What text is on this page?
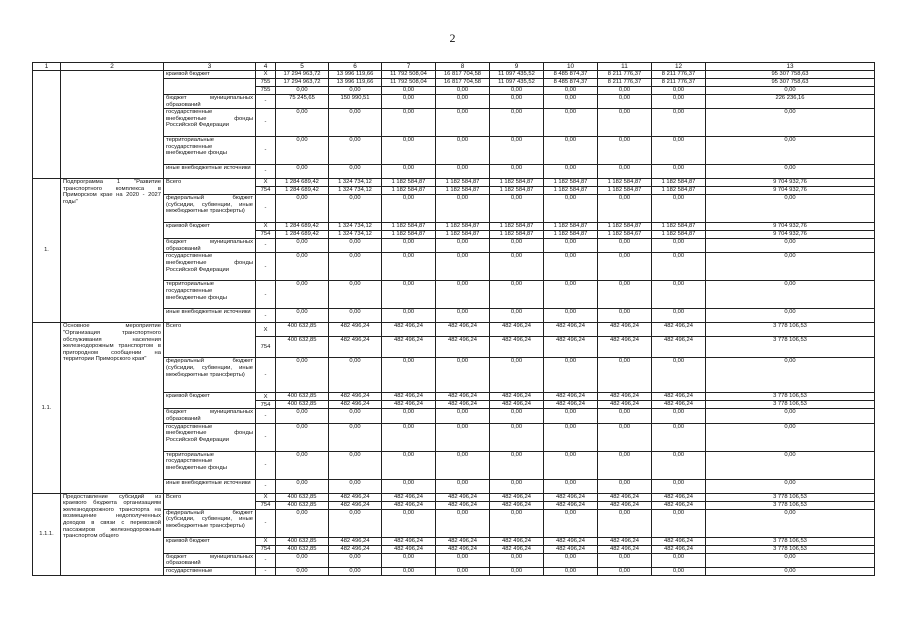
2
1	2	3	4	5	6	7	8	9	10	11	12	13
		краевой бюджет	X	17 294 963,72	13 996 119,66	11 792 508,04	16 817 704,58	11 097 435,52	8 485 874,37	8 211 776,37	8 211 776,37	95 307 758,63
			755	17 294 963,72	13 996 119,66	11 792 508,04	16 817 704,58	11 097 435,52	8 485 874,37	8 211 776,37	8 211 776,37	95 307 758,63
			755	0,00	0,00	0,00	0,00	0,00	0,00	0,00	0,00	0,00
		бюджет муниципальных образований	-	75 245,65	150 990,51	0,00	0,00	0,00	0,00	0,00	0,00	226 236,16
		государственные внебюджетные фонды Российской Федерации	-	0,00	0,00	0,00	0,00	0,00	0,00	0,00	0,00	0,00
		территориальные государственные внебюджетные фонды	-	0,00	0,00	0,00	0,00	0,00	0,00	0,00	0,00	0,00
		иные внебюджетные источники	-	0,00	0,00	0,00	0,00	0,00	0,00	0,00	0,00	0,00
1.	Подпрограмма 1 "Развитие транспортного комплекса в Приморском крае на 2020 - 2027 годы"	Всего	X	1 284 689,42	1 324 734,12	1 182 584,87	1 182 584,87	1 182 584,87	1 182 584,87	1 182 584,87	1 182 584,87	9 704 932,76
			754	1 284 689,42	1 324 734,12	1 182 584,87	1 182 584,87	1 182 584,87	1 182 584,87	1 182 584,87	1 182 584,87	9 704 932,76
		федеральный бюджет (субсидии, субвенции, иные межбюджетные трансферты)	-	0,00	0,00	0,00	0,00	0,00	0,00	0,00	0,00	0,00
		краевой бюджет	X	1 284 689,42	1 324 734,12	1 182 584,87	1 182 584,87	1 182 584,87	1 182 584,87	1 182 584,87	1 182 584,87	9 704 932,76
			754	1 284 689,42	1 324 734,12	1 182 584,87	1 182 584,87	1 182 584,87	1 182 584,87	1 182 584,67	1 182 584,87	9 704 932,76
		бюджет муниципальных образований	-	0,00	0,00	0,00	0,00	0,00	0,00	0,00	0,00	0,00
		государственные внебюджетные фонды Российской Федерации	-	0,00	0,00	0,00	0,00	0,00	0,00	0,00	0,00	0,00
		территориальные государственные внебюджетные фонды	-	0,00	0,00	0,00	0,00	0,00	0,00	0,00	0,00	0,00
		иные внебюджетные источники	-	0,00	0,00	0,00	0,00	0,00	0,00	0,00	0,00	0,00
1.1.	Основное мероприятие "Организация транспортного обслуживания населения железнодорожным транспортом в пригородном сообщении на территории Приморского края"	Всего	X	400 632,85	482 496,24	482 496,24	482 496,24	482 496,24	482 496,24	482 496,24	482 496,24	3 778 106,53
			754	400 632,85	482 496,24	482 496,24	482 496,24	482 496,24	482 496,24	482 496,24	482 496,24	3 778 106,53
		федеральный бюджет (субсидии, субвенции, иные межбюджетные трансферты)	-	0,00	0,00	0,00	0,00	0,00	0,00	0,00	0,00	0,00
		краевой бюджет	X	400 632,85	482 496,24	482 496,24	482 496,24	482 496,24	482 496,24	482 496,24	482 496,24	3 778 106,53
			754	400 632,85	482 496,24	482 496,24	482 496,24	482 496,24	482 496,24	482 496,24	482 496,24	3 778 106,53
		бюджет муниципальных образований	-	0,00	0,00	0,00	0,00	0,00	0,00	0,00	0,00	0,00
		государственные внебюджетные фонды Российской Федерации	-	0,00	0,00	0,00	0,00	0,00	0,00	0,00	0,00	0,00
		территориальные государственные внебюджетные фонды	-	0,00	0,00	0,00	0,00	0,00	0,00	0,00	0,00	0,00
		иные внебюджетные источники	-	0,00	0,00	0,00	0,00	0,00	0,00	0,00	0,00	0,00
1.1.1.	Предоставление субсидий из краевого бюджета организациям железнодорожного транспорта на возмещение недополученных доходов в связи с перевозкой пассажиров железнодорожным транспортом общего	Всего	X	400 632,85	482 496,24	482 496,24	482 496,24	482 496,24	482 496,24	482 496,24	482 496,24	3 778 106,53
			754	400 632,85	482 496,24	482 496,24	482 496,24	482 496,24	482 496,24	482 496,24	482 496,24	3 778 106,53
		федеральный бюджет (субсидии, субвенции, иные межбюджетные трансферты)	-	0,00	0,00	0,00	0,00	0,00	0,00	0,00	0,00	0,00
		краевой бюджет	X	400 632,85	482 496,24	482 496,24	482 496,24	482 496,24	482 496,24	482 496,24	482 496,24	3 778 106,53
			754	400 632,85	482 496,24	482 496,24	482 496,24	482 496,24	482 496,24	482 496,24	482 496,24	3 778 106,53
		бюджет муниципальных образований	-	0,00	0,00	0,00	0,00	0,00	0,00	0,00	0,00	0,00
		государственные	-	0,00	0,00	0,00	0,00	0,00	0,00	0,00	0,00	0,00
